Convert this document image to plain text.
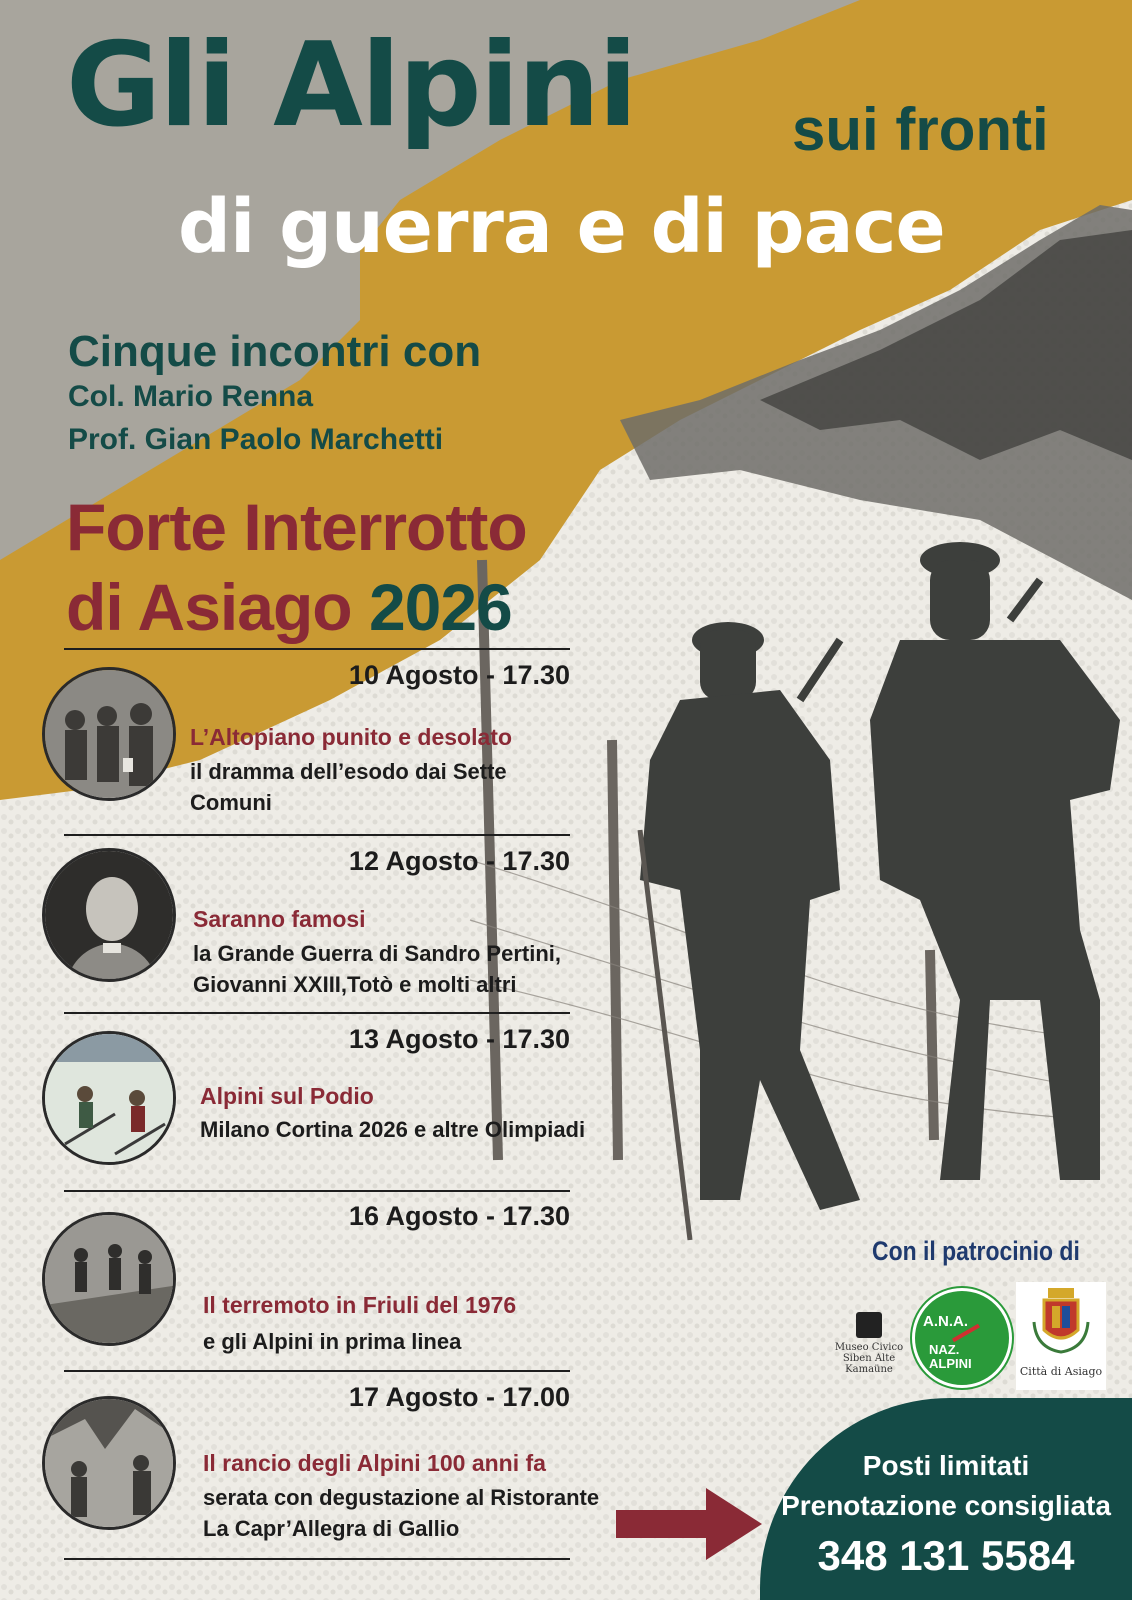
Gli Alpini	sui fronti
di guerra e di pace
Cinque incontri con
Col. Mario Renna
Prof. Gian Paolo Marchetti
Forte Interrotto
di Asiago 2026
10 Agosto - 17.30
L’Altopiano punito e desolato
il dramma dell’esodo dai Sette Comuni
12 Agosto - 17.30
Saranno famosi
la Grande Guerra di Sandro Pertini, Giovanni XXIII,Totò e molti altri
13 Agosto - 17.30
Alpini sul Podio
Milano Cortina 2026 e altre Olimpiadi
16 Agosto - 17.30
Il terremoto in Friuli del 1976
e gli Alpini in prima linea
17 Agosto - 17.00
Il rancio degli Alpini 100 anni fa
serata con degustazione al Ristorante La Capr’Allegra di Gallio
Con il patrocinio di
Museo Civico Siben Alte Kamaüne
A.N.A.
NAZ. ALPINI
Città di Asiago
Posti limitati
Prenotazione consigliata
348 131 5584
